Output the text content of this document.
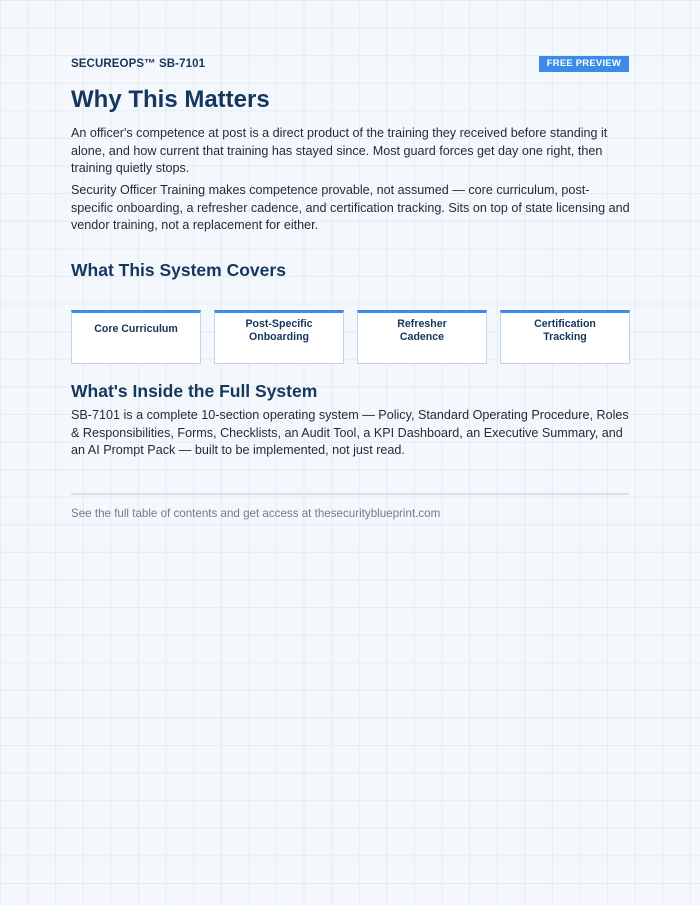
SECUREOPS™ SB-7101	FREE PREVIEW
Why This Matters

An officer's competence at post is a direct product of the training they received before standing it alone, and how current that training has stayed since. Most guard forces get day one right, then training quietly stops.

Security Officer Training makes competence provable, not assumed — core curriculum, post-specific onboarding, a refresher cadence, and certification tracking. Sits on top of state licensing and vendor training, not a replacement for either.

What This System Covers
Core Curriculum	Post-Specific
Onboarding
Refresher
Cadence
Certification
Tracking
What's Inside the Full System

SB-7101 is a complete 10-section operating system — Policy, Standard Operating Procedure, Roles & Responsibilities, Forms, Checklists, an Audit Tool, a KPI Dashboard, an Executive Summary, and an AI Prompt Pack — built to be implemented, not just read.

See the full table of contents and get access at thesecurityblueprint.com
